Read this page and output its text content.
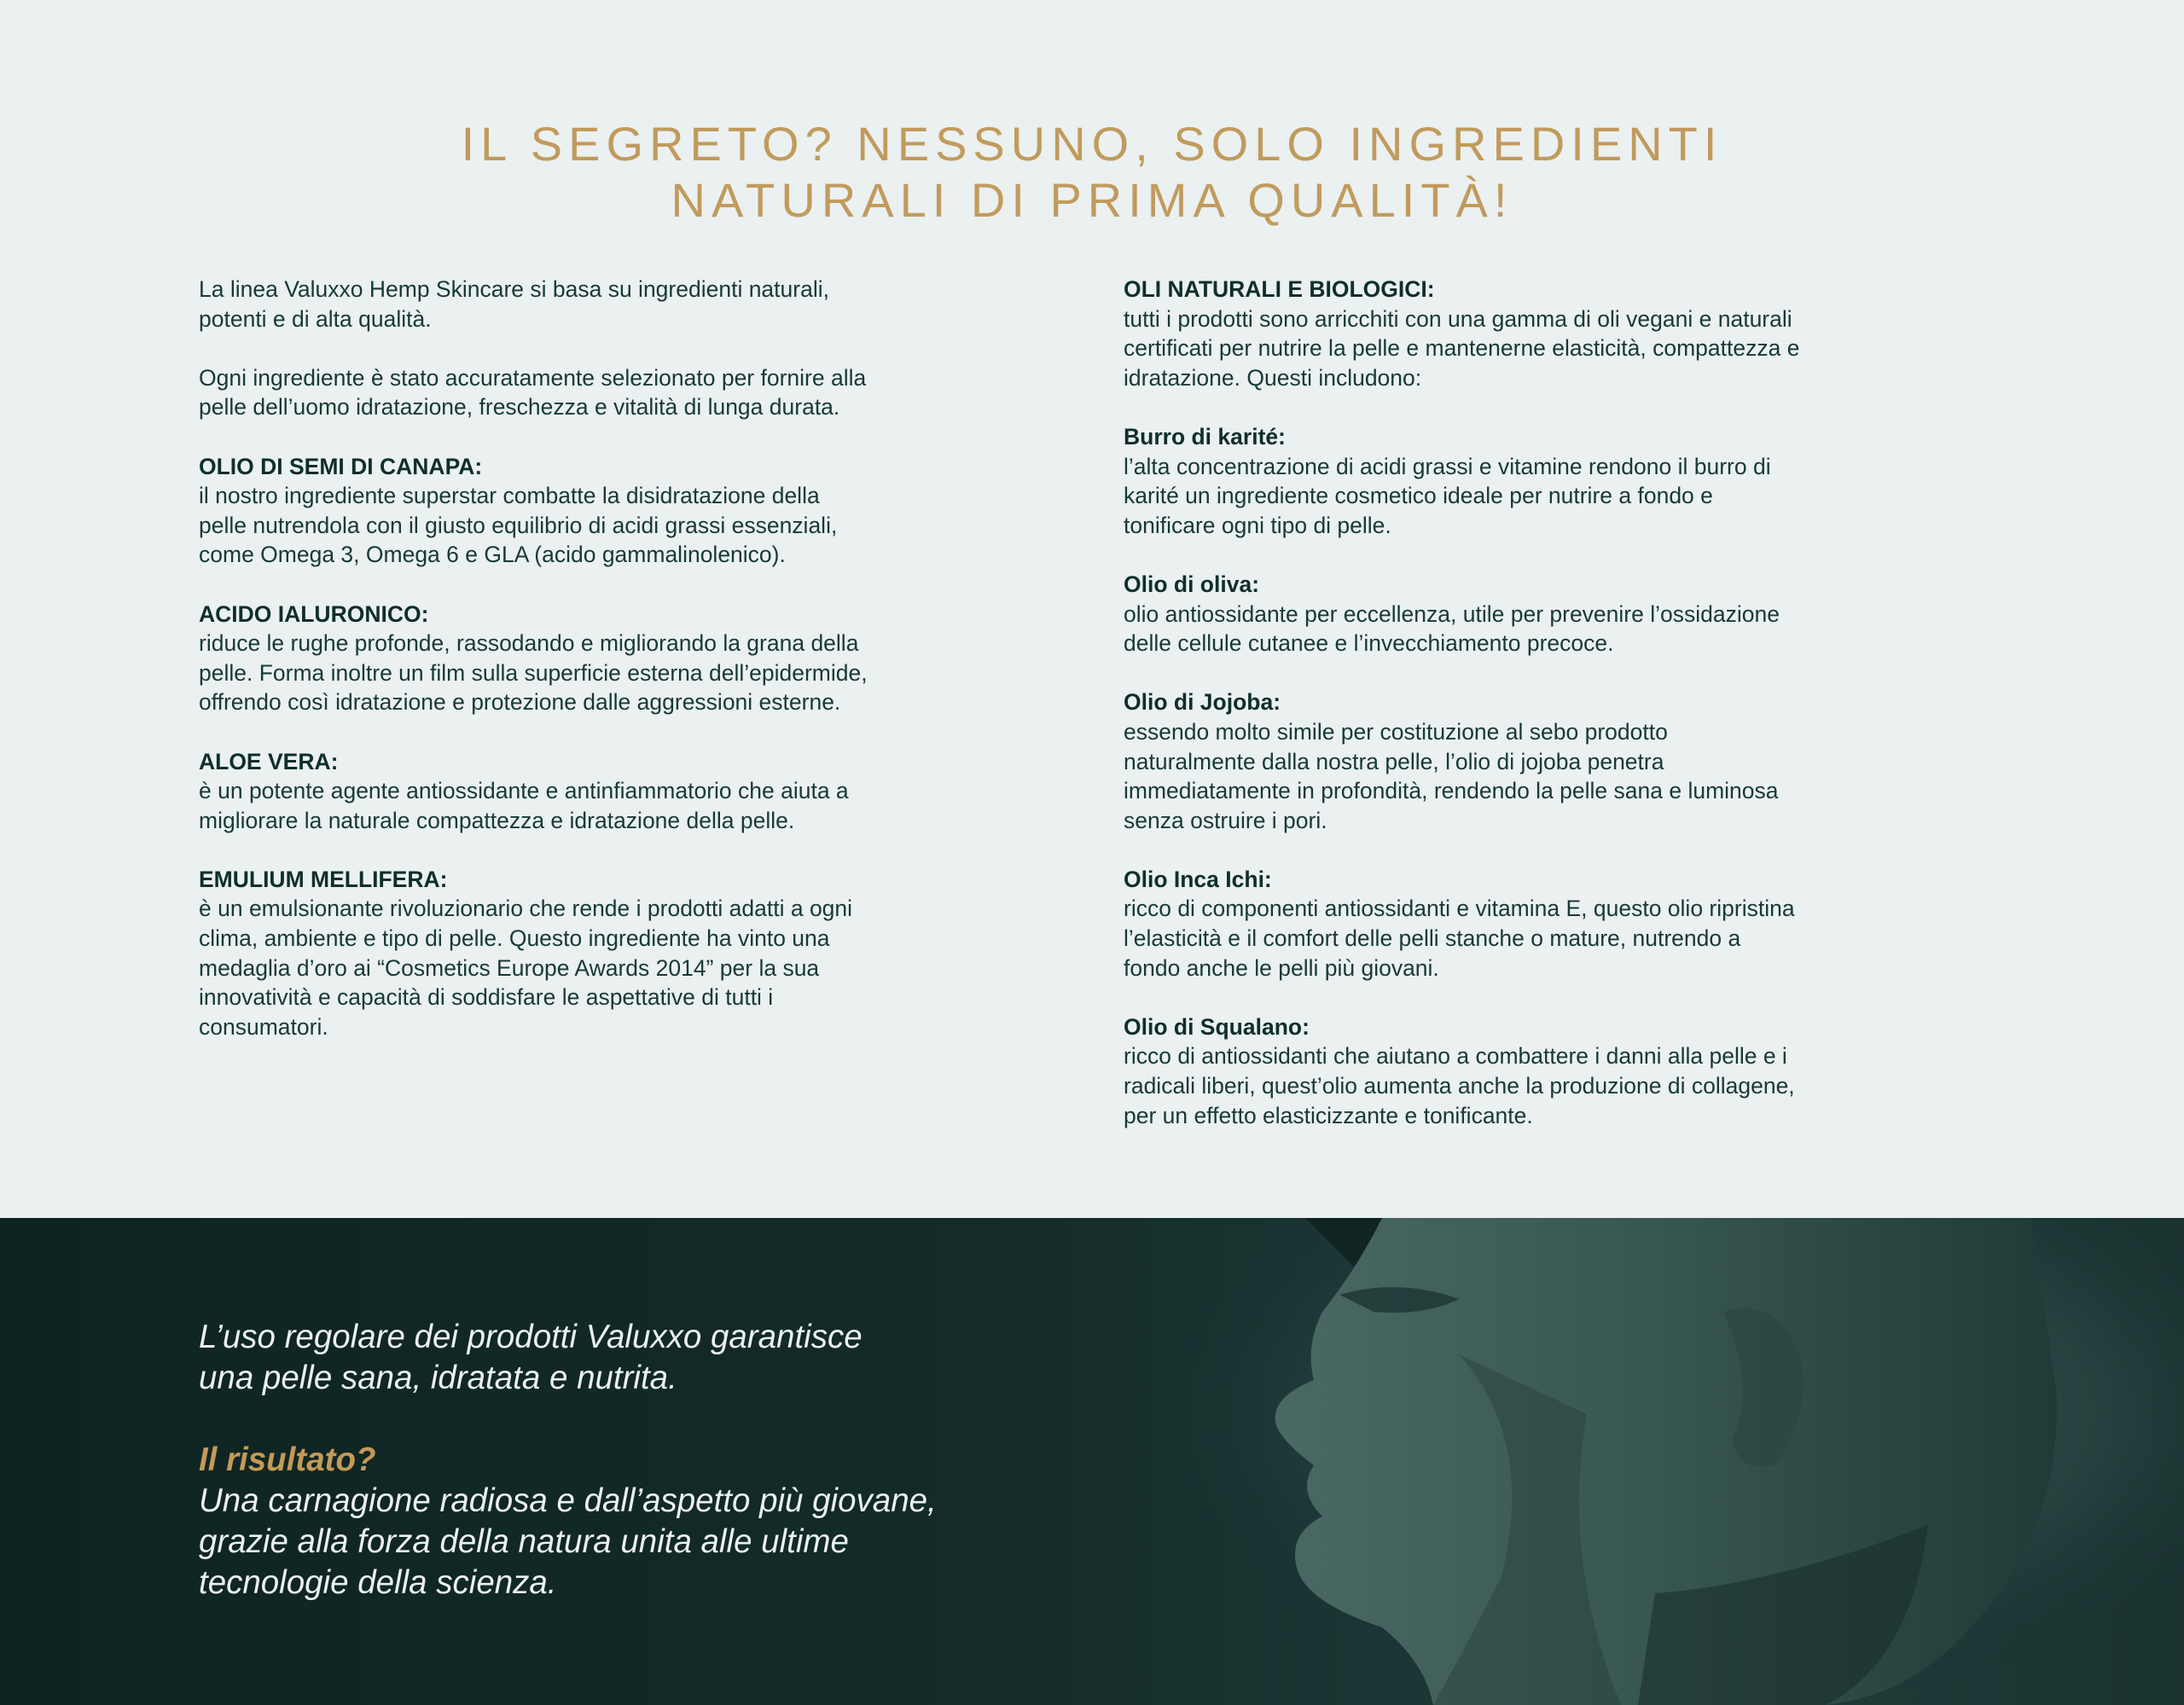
IL SEGRETO? NESSUNO, SOLO INGREDIENTI
NATURALI DI PRIMA QUALITÀ!
La linea Valuxxo Hemp Skincare si basa su ingredienti naturali,
potenti e di alta qualità.
Ogni ingrediente è stato accuratamente selezionato per fornire alla
pelle dell’uomo idratazione, freschezza e vitalità di lunga durata.
OLIO DI SEMI DI CANAPA:
il nostro ingrediente superstar combatte la disidratazione della
pelle nutrendola con il giusto equilibrio di acidi grassi essenziali,
come Omega 3, Omega 6 e GLA (acido gammalinolenico).
ACIDO IALURONICO:
riduce le rughe profonde, rassodando e migliorando la grana della
pelle. Forma inoltre un film sulla superficie esterna dell’epidermide,
offrendo così idratazione e protezione dalle aggressioni esterne.
ALOE VERA:
è un potente agente antiossidante e antinfiammatorio che aiuta a
migliorare la naturale compattezza e idratazione della pelle.
EMULIUM MELLIFERA:
è un emulsionante rivoluzionario che rende i prodotti adatti a ogni
clima, ambiente e tipo di pelle. Questo ingrediente ha vinto una
medaglia d’oro ai “Cosmetics Europe Awards 2014” per la sua
innovatività e capacità di soddisfare le aspettative di tutti i
consumatori.
OLI NATURALI E BIOLOGICI:
tutti i prodotti sono arricchiti con una gamma di oli vegani e naturali
certificati per nutrire la pelle e mantenerne elasticità, compattezza e
idratazione. Questi includono:
Burro di karité:
l’alta concentrazione di acidi grassi e vitamine rendono il burro di
karité un ingrediente cosmetico ideale per nutrire a fondo e
tonificare ogni tipo di pelle.
Olio di oliva:
olio antiossidante per eccellenza, utile per prevenire l’ossidazione
delle cellule cutanee e l’invecchiamento precoce.
Olio di Jojoba:
essendo molto simile per costituzione al sebo prodotto
naturalmente dalla nostra pelle, l’olio di jojoba penetra
immediatamente in profondità, rendendo la pelle sana e luminosa
senza ostruire i pori.
Olio Inca Ichi:
ricco di componenti antiossidanti e vitamina E, questo olio ripristina
l’elasticità e il comfort delle pelli stanche o mature, nutrendo a
fondo anche le pelli più giovani.
Olio di Squalano:
ricco di antiossidanti che aiutano a combattere i danni alla pelle e i
radicali liberi, quest’olio aumenta anche la produzione di collagene,
per un effetto elasticizzante e tonificante.
L’uso regolare dei prodotti Valuxxo garantisce
una pelle sana, idratata e nutrita.
Il risultato?
Una carnagione radiosa e dall’aspetto più giovane,
grazie alla forza della natura unita alle ultime
tecnologie della scienza.
